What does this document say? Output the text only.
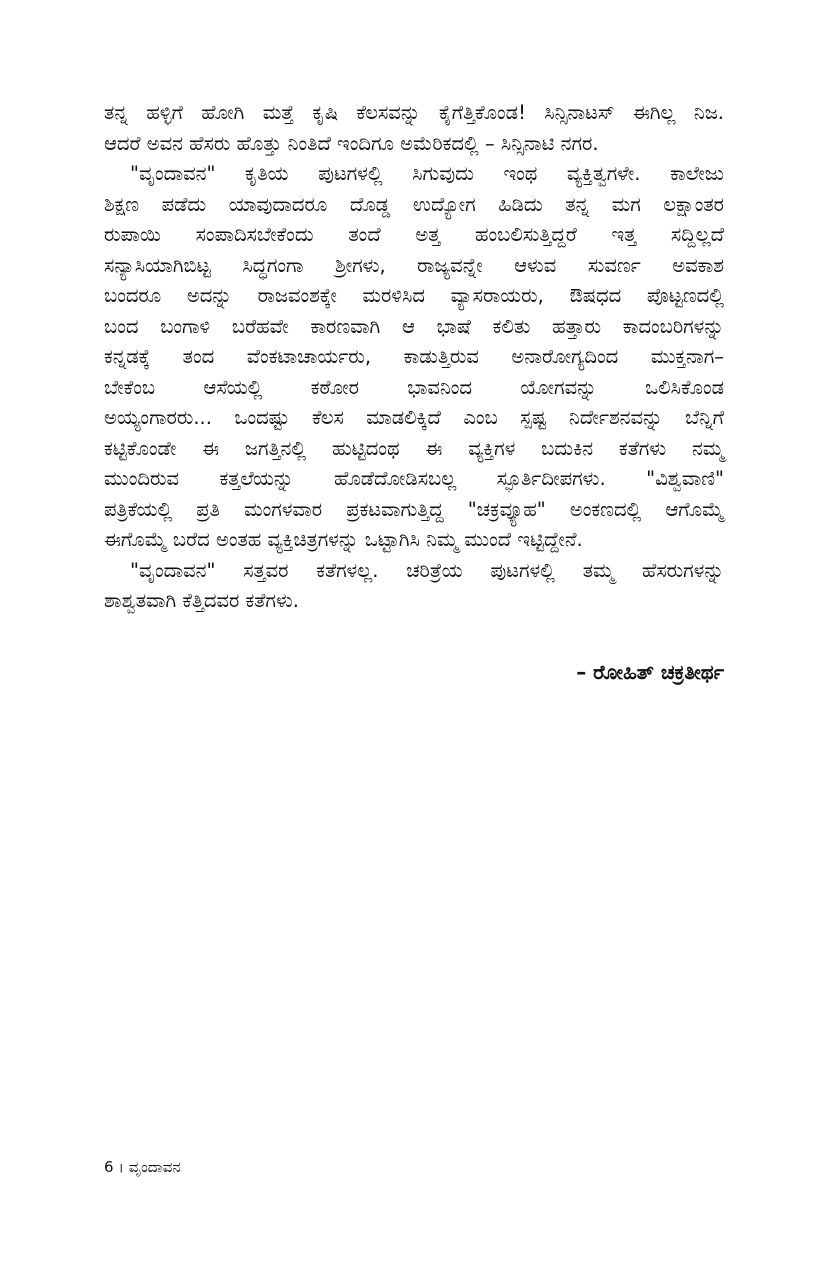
ತನ್ನ ಹಳ್ಳಿಗೆ ಹೋಗಿ ಮತ್ತೆ ಕೃಷಿ ಕೆಲಸವನ್ನು ಕೈಗೆತ್ತಿಕೊಂಡ! ಸಿನ್ಸಿನಾಟಸ್ ಈಗಿಲ್ಲ ನಿಜ.
ಆದರೆ ಅವನ ಹೆಸರು ಹೊತ್ತು ನಿಂತಿದೆ ಇಂದಿಗೂ ಅಮೆರಿಕದಲ್ಲಿ – ಸಿನ್ಸಿನಾಟಿ ನಗರ.
"ವೃಂದಾವನ" ಕೃತಿಯ ಪುಟಗಳಲ್ಲಿ ಸಿಗುವುದು ಇಂಥ ವ್ಯಕ್ತಿತ್ವಗಳೇ. ಕಾಲೇಜು
ಶಿಕ್ಷಣ ಪಡೆದು ಯಾವುದಾದರೂ ದೊಡ್ಡ ಉದ್ಯೋಗ ಹಿಡಿದು ತನ್ನ ಮಗ ಲಕ್ಷಾಂತರ
ರುಪಾಯಿ ಸಂಪಾದಿಸಬೇಕೆಂದು ತಂದೆ ಅತ್ತ ಹಂಬಲಿಸುತ್ತಿದ್ದರೆ ಇತ್ತ ಸದ್ದಿಲ್ಲದೆ
ಸನ್ಯಾಸಿಯಾಗಿಬಿಟ್ಟ ಸಿದ್ಧಗಂಗಾ ಶ್ರೀಗಳು, ರಾಜ್ಯವನ್ನೇ ಆಳುವ ಸುವರ್ಣ ಅವಕಾಶ
ಬಂದರೂ ಅದನ್ನು ರಾಜವಂಶಕ್ಕೇ ಮರಳಿಸಿದ ವ್ಯಾಸರಾಯರು, ಔಷಧದ ಪೊಟ್ಟಣದಲ್ಲಿ
ಬಂದ ಬಂಗಾಳಿ ಬರೆಹವೇ ಕಾರಣವಾಗಿ ಆ ಭಾಷೆ ಕಲಿತು ಹತ್ತಾರು ಕಾದಂಬರಿಗಳನ್ನು
ಕನ್ನಡಕ್ಕೆ ತಂದ ವೆಂಕಟಾಚಾರ್ಯರು, ಕಾಡುತ್ತಿರುವ ಅನಾರೋಗ್ಯದಿಂದ ಮುಕ್ತನಾಗ–
ಬೇಕೆಂಬ ಆಸೆಯಲ್ಲಿ ಕಠೋರ ಭಾವನಿಂದ ಯೋಗವನ್ನು ಒಲಿಸಿಕೊಂಡ
ಅಯ್ಯಂಗಾರರು... ಒಂದಷ್ಟು ಕೆಲಸ ಮಾಡಲಿಕ್ಕಿದೆ ಎಂಬ ಸ್ಪಷ್ಟ ನಿರ್ದೇಶನವನ್ನು ಬೆನ್ನಿಗೆ
ಕಟ್ಟಿಕೊಂಡೇ ಈ ಜಗತ್ತಿನಲ್ಲಿ ಹುಟ್ಟಿದಂಥ ಈ ವ್ಯಕ್ತಿಗಳ ಬದುಕಿನ ಕತೆಗಳು ನಮ್ಮ
ಮುಂದಿರುವ ಕತ್ತಲೆಯನ್ನು ಹೊಡೆದೋಡಿಸಬಲ್ಲ ಸ್ಫೂರ್ತಿದೀಪಗಳು. "ವಿಶ್ವವಾಣಿ"
ಪತ್ರಿಕೆಯಲ್ಲಿ ಪ್ರತಿ ಮಂಗಳವಾರ ಪ್ರಕಟವಾಗುತ್ತಿದ್ದ "ಚಕ್ರವ್ಯೂಹ" ಅಂಕಣದಲ್ಲಿ ಆಗೊಮ್ಮೆ
ಈಗೊಮ್ಮೆ ಬರೆದ ಅಂತಹ ವ್ಯಕ್ತಿಚಿತ್ರಗಳನ್ನು ಒಟ್ಟಾಗಿಸಿ ನಿಮ್ಮ ಮುಂದೆ ಇಟ್ಟಿದ್ದೇನೆ.
"ವೃಂದಾವನ" ಸತ್ತವರ ಕತೆಗಳಲ್ಲ. ಚರಿತ್ರೆಯ ಪುಟಗಳಲ್ಲಿ ತಮ್ಮ ಹೆಸರುಗಳನ್ನು
ಶಾಶ್ವತವಾಗಿ ಕೆತ್ತಿದವರ ಕತೆಗಳು.
– ರೋಹಿತ್ ಚಕ್ರತೀರ್ಥ
6 । ವೃಂದಾವನ
